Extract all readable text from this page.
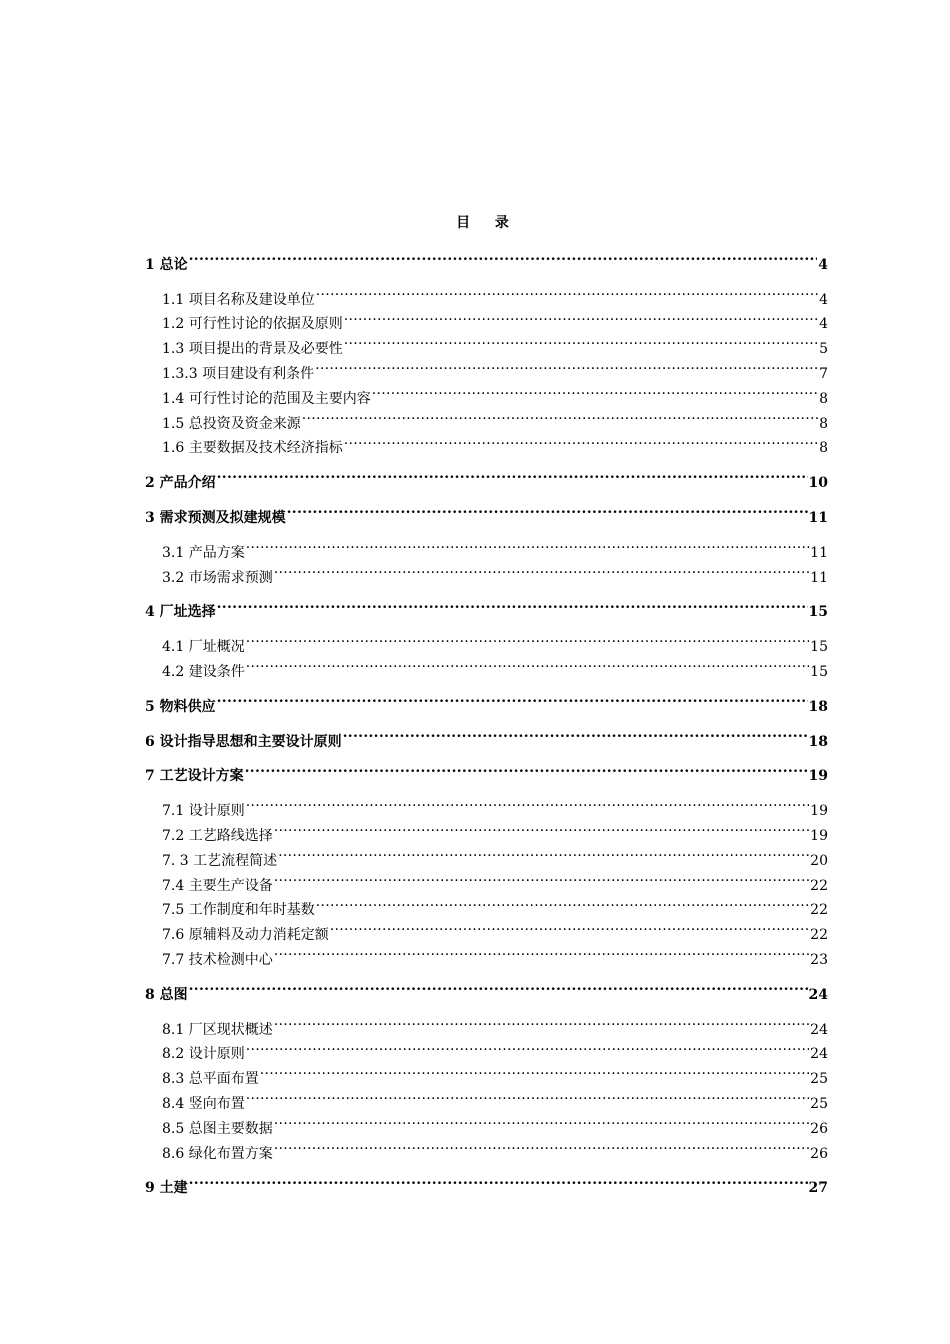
目 录
1 总论 .....	4
1.1 项目名称及建设单位 .....	4
1.2 可行性讨论的依据及原则 .....	4
1.3 项目提出的背景及必要性 .....	5
1.3.3 项目建设有利条件 .....	7
1.4 可行性讨论的范围及主要内容 .....	8
1.5 总投资及资金来源 .....	8
1.6 主要数据及技术经济指标 .....	8
2 产品介绍 .....	10
3 需求预测及拟建规模 .....	11
3.1 产品方案 .....	11
3.2 市场需求预测 .....	11
4 厂址选择 .....	15
4.1 厂址概况 .....	15
4.2 建设条件 .....	15
5 物料供应 .....	18
6 设计指导思想和主要设计原则 .....	18
7 工艺设计方案 .....	19
7.1 设计原则 .....	19
7.2 工艺路线选择 .....	19
7. 3 工艺流程简述 .....	20
7.4 主要生产设备 .....	22
7.5 工作制度和年时基数 .....	22
7.6 原辅料及动力消耗定额 .....	22
7.7 技术检测中心 .....	23
8 总图 .....	24
8.1 厂区现状概述 .....	24
8.2 设计原则 .....	24
8.3 总平面布置 .....	25
8.4 竖向布置 .....	25
8.5 总图主要数据 .....	26
8.6 绿化布置方案 .....	26
9 土建 .....	27
